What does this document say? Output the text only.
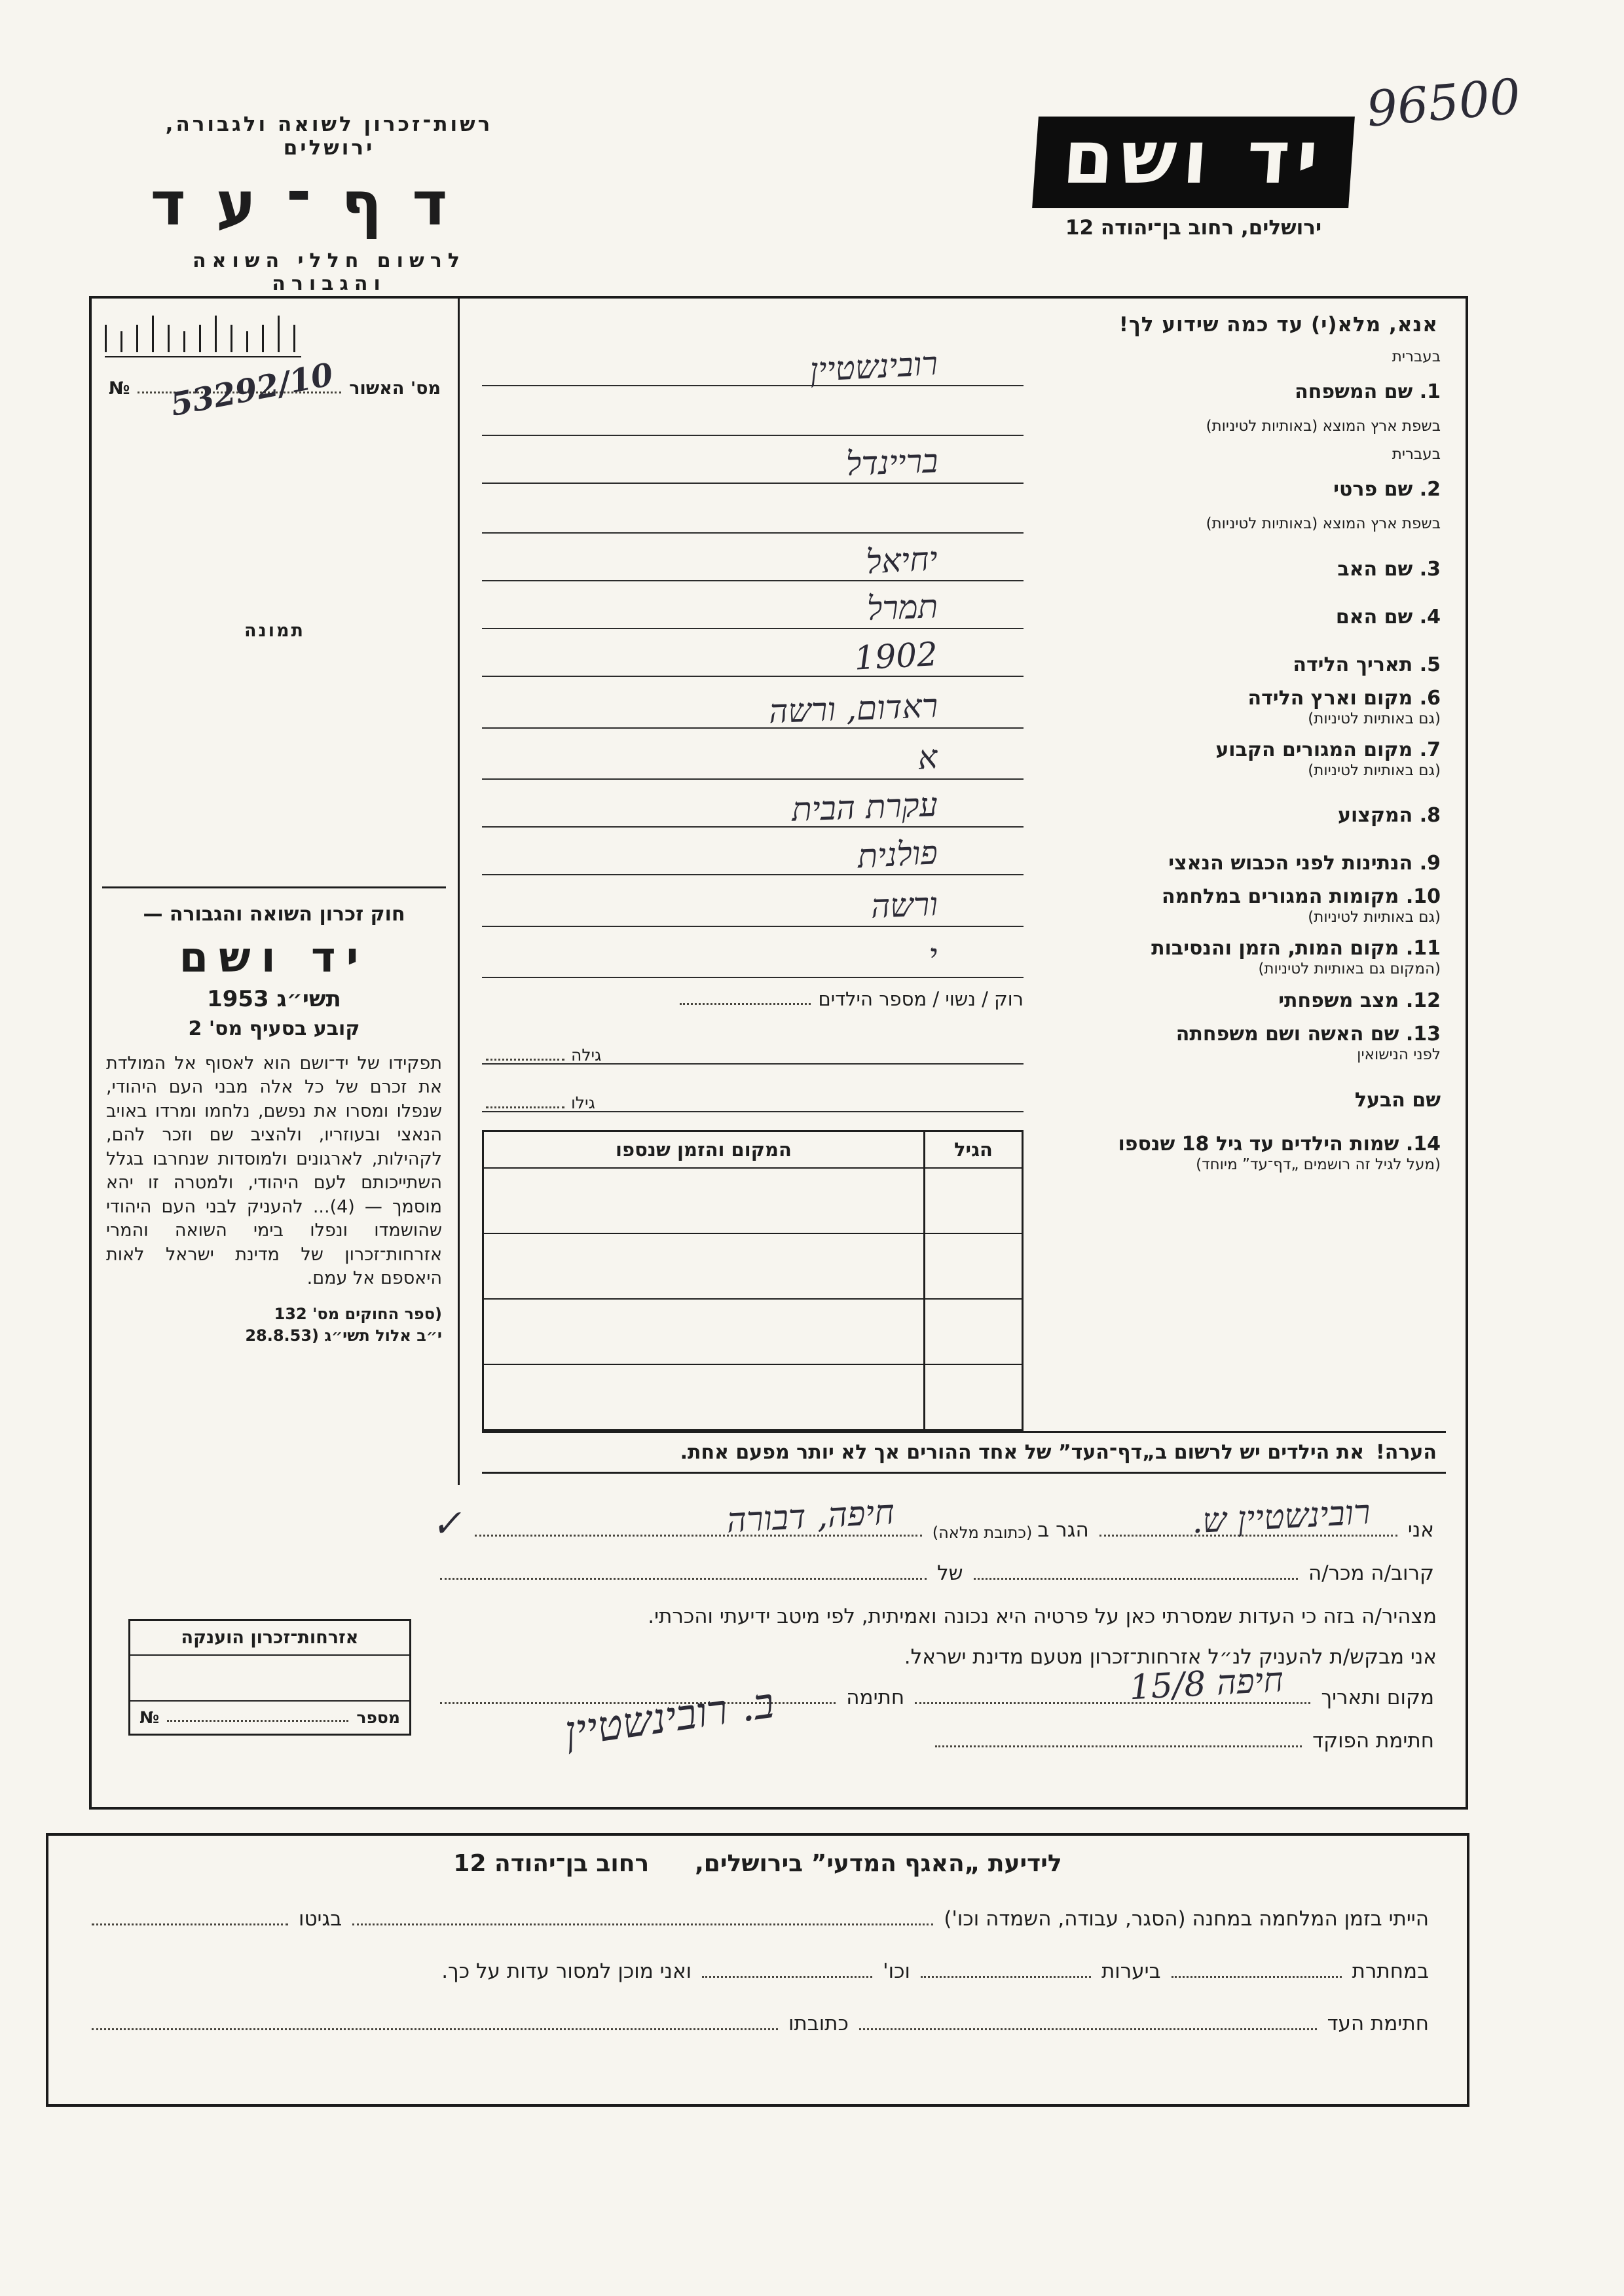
96500
רשות־זכרון לשואה ולגבורה, ירושלים
דף־עד
לרשום חללי השואה והגבורה
יד ושם
ירושלים, רחוב בן־יהודה 12
מס' האשור
№ 53292/10
תמונה
חוק זכרון השואה והגבורה —
יד ושם
תשי״ג 1953
קובע בסעיף מס' 2
תפקידו של יד־ושם הוא לאסוף אל המולדת את זכרם של כל אלה מבני העם היהודי, שנפלו ומסרו את נפשם, נלחמו ומרדו באויב הנאצי ובעוזריו, ולהציב שם וזכר להם, לקהילות, לארגונים ולמוסדות שנחרבו בגלל השתייכותם לעם היהודי, ולמטרה זו יהא מוסמך — (4)... להעניק לבני העם היהודי שהושמדו ונפלו בימי השואה והמרי אזרחות־זכרון של מדינת ישראל לאות היאספם אל עמם.
(ספר החוקים מס' 132
י״ב אלול תשי״ג (28.8.53
אנא, מלא(י) עד כמה שידוע לך!
בעברית
1. שם המשפחה
בשפת ארץ המוצא (באותיות לטיניות)
רובינשטיין
בעברית
2. שם פרטי
בשפת ארץ המוצא (באותיות לטיניות)
בריינדל
3. שם האב
יחיאל
4. שם האם
תמרל
5. תאריך הלידה
1902
6. מקום וארץ הלידה
(גם באותיות לטיניות)
ראדום, ורשה
7. מקום המגורים הקבוע
(גם באותיות לטיניות)
א
8. המקצוע
עקרת הבית
9. הנתינות לפני הכבוש הנאצי
פולנית
10. מקומות המגורים במלחמה
(גם באותיות לטיניות)
ורשה
11. מקום המות, הזמן והנסיבות
(המקום גם באותיות לטיניות)
י
12. מצב משפחתי
רוק / נשוי / מספר הילדים
13. שם האשה ושם משפחתה
לפני הנישואין
גילה
שם הבעל
גילו
14. שמות הילדים עד גיל 18 שנספו
(מעל לגיל זה רושמים „דף־עד” מיוחד)
הגיל
המקום והזמן שנספו
הערה!
את הילדים יש לרשום ב„דף־העד” של אחד ההורים אך לא יותר מפעם אחת.
אני
רובינשטיין ש.
הגר ב
(כתובת מלאה)
חיפה, דבורה
✓
קרוב/ה מכר/ה
של
מצהיר/ה בזה כי העדות שמסרתי כאן על פרטיה היא נכונה ואמיתית, לפי מיטב ידיעתי והכרתי.
אני מבקש/ת להעניק לנ״ל אזרחות־זכרון מטעם מדינת ישראל.
מקום ותאריך
חיפה 15/8
חתימה
ב. רובינשטיין	חתימת הפוקד
אזרחות־זכרון הוענקה
מספר
№
לידיעת „האגף המדעי” בירושלים,
רחוב בן־יהודה 12
הייתי בזמן המלחמה במחנה (הסגר, עבודה, השמדה וכו')
בגיטו
במחתרת
ביערות
וכו'
ואני מוכן למסור עדות על כך.
חתימת העד
כתובתו
